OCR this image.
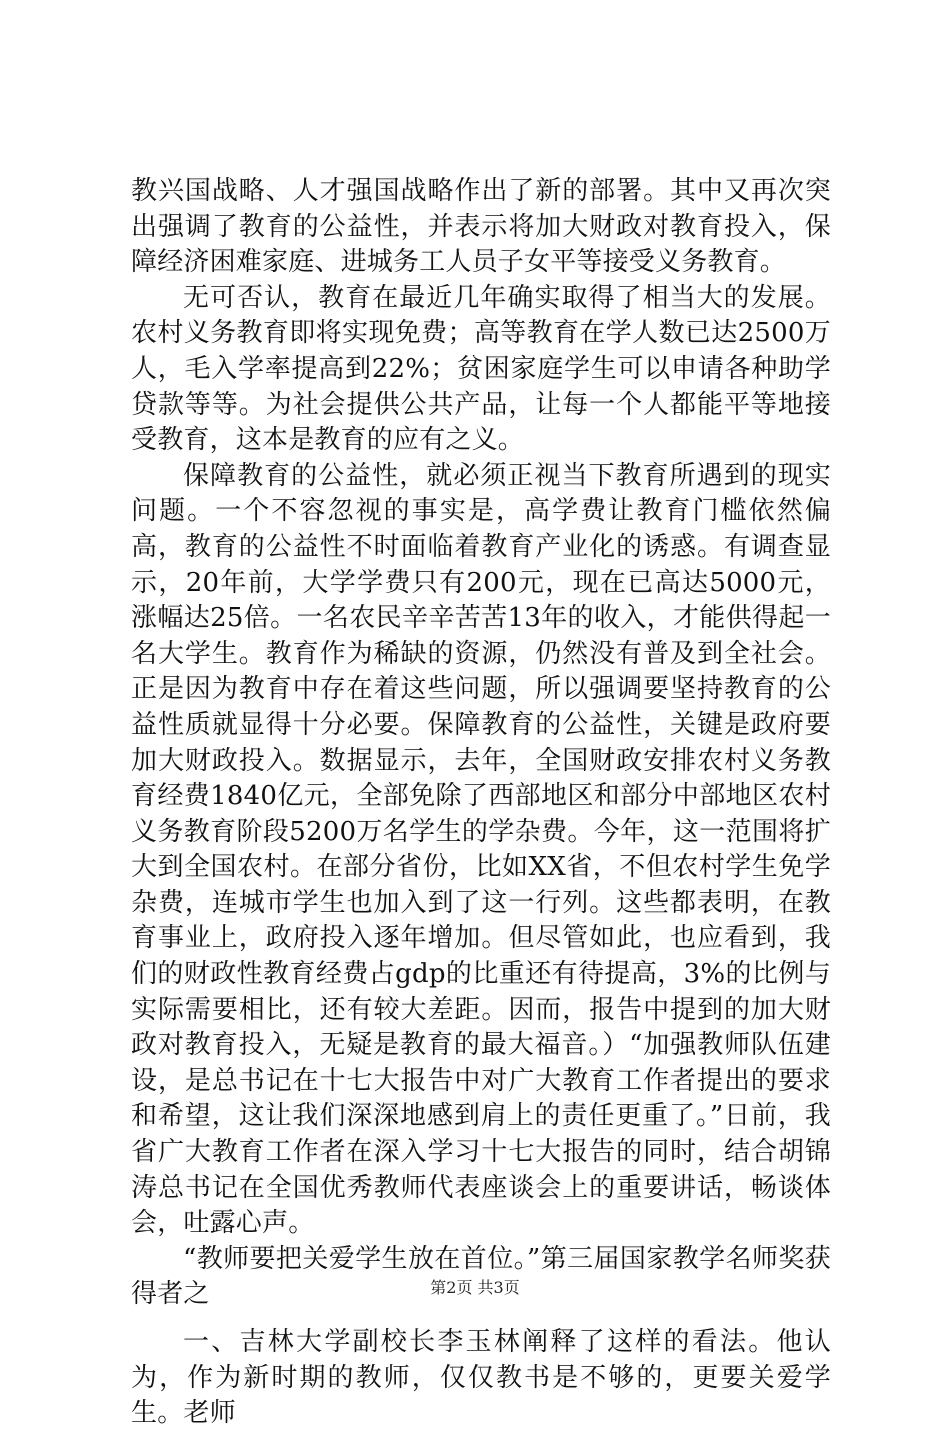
教兴国战略、人才强国战略作出了新的部署。其中又再次突出强调了教育的公益性，并表示将加大财政对教育投入，保障经济困难家庭、进城务工人员子女平等接受义务教育。

无可否认，教育在最近几年确实取得了相当大的发展。农村义务教育即将实现免费；高等教育在学人数已达2500万人，毛入学率提高到22%；贫困家庭学生可以申请各种助学贷款等等。为社会提供公共产品，让每一个人都能平等地接受教育，这本是教育的应有之义。

保障教育的公益性，就必须正视当下教育所遇到的现实问题。一个不容忽视的事实是，高学费让教育门槛依然偏高，教育的公益性不时面临着教育产业化的诱惑。有调查显示，20年前，大学学费只有200元，现在已高达5000元，涨幅达25倍。一名农民辛辛苦苦13年的收入，才能供得起一名大学生。教育作为稀缺的资源，仍然没有普及到全社会。正是因为教育中存在着这些问题，所以强调要坚持教育的公益性质就显得十分必要。保障教育的公益性，关键是政府要加大财政投入。数据显示，去年，全国财政安排农村义务教育经费1840亿元，全部免除了西部地区和部分中部地区农村义务教育阶段5200万名学生的学杂费。今年，这一范围将扩大到全国农村。在部分省份，比如XX省，不但农村学生免学杂费，连城市学生也加入到了这一行列。这些都表明，在教育事业上，政府投入逐年增加。但尽管如此，也应看到，我们的财政性教育经费占gdp的比重还有待提高，3%的比例与实际需要相比，还有较大差距。因而，报告中提到的加大财政对教育投入，无疑是教育的最大福音。）“加强教师队伍建设，是总书记在十七大报告中对广大教育工作者提出的要求和希望，这让我们深深地感到肩上的责任更重了。”日前，我省广大教育工作者在深入学习十七大报告的同时，结合胡锦涛总书记在全国优秀教师代表座谈会上的重要讲话，畅谈体会，吐露心声。

“教师要把关爱学生放在首位。”第三届国家教学名师奖获得者之

一、吉林大学副校长李玉林阐释了这样的看法。他认为，作为新时期的教师，仅仅教书是不够的，更要关爱学生。老师

第2页 共3页
